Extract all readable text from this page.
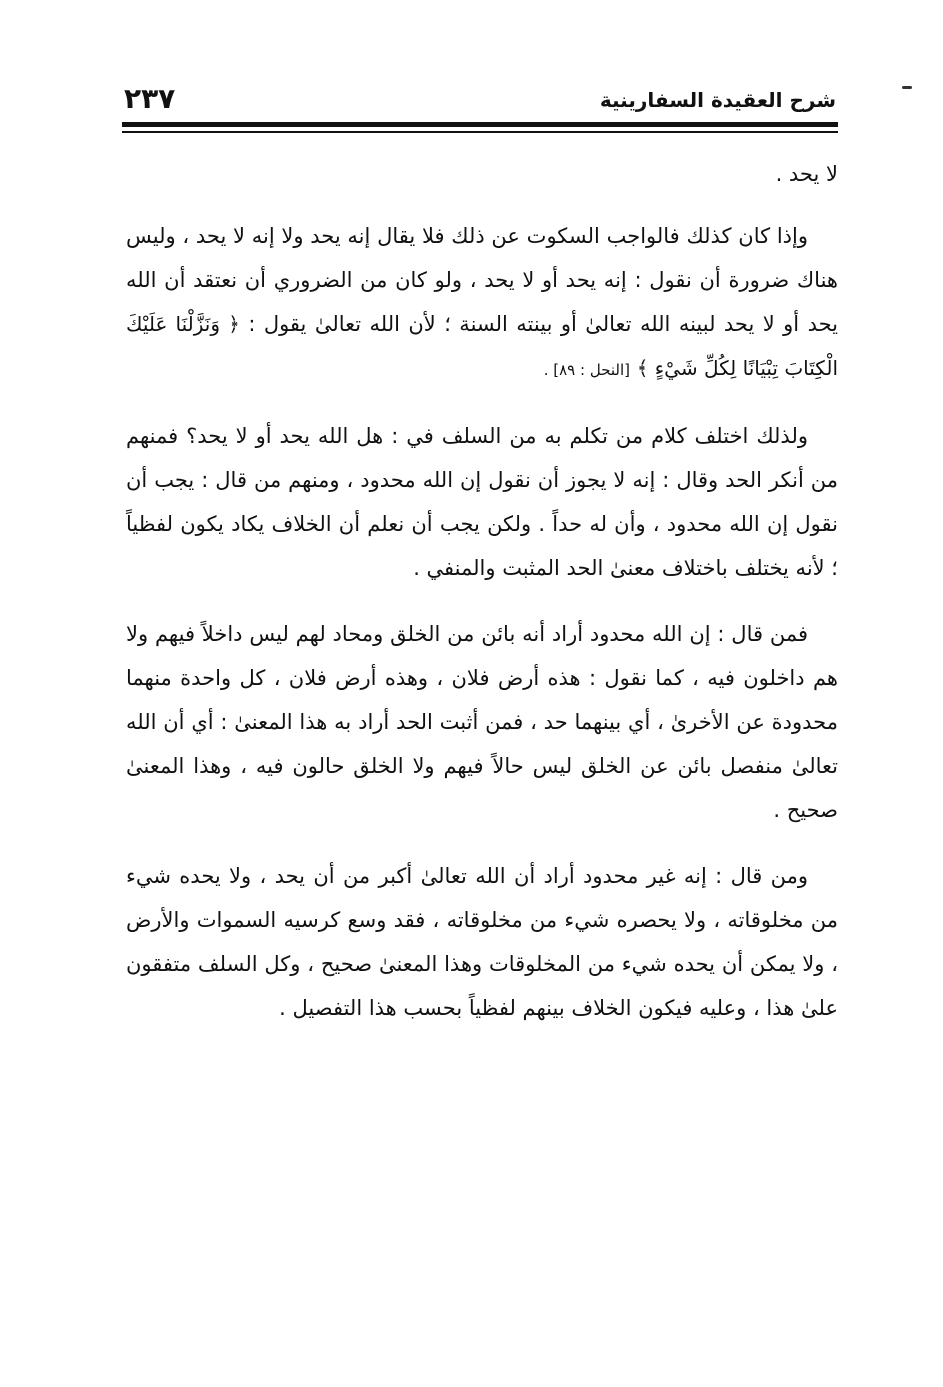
شرح العقيدة السفارينية
٢٣٧

لا يحد .

وإذا كان كذلك فالواجب السكوت عن ذلك فلا يقال إنه يحد ولا إنه لا يحد ، وليس هناك ضرورة أن نقول : إنه يحد أو لا يحد ، ولو كان من الضروري أن نعتقد أن الله يحد أو لا يحد لبينه الله تعالىٰ أو بينته السنة ؛ لأن الله تعالىٰ يقول : ﴿ وَنَزَّلْنَا عَلَيْكَ الْكِتَابَ تِبْيَانًا لِكُلِّ شَيْءٍ ﴾ [النحل : ٨٩] .

ولذلك اختلف كلام من تكلم به من السلف في : هل الله يحد أو لا يحد؟ فمنهم من أنكر الحد وقال : إنه لا يجوز أن نقول إن الله محدود ، ومنهم من قال : يجب أن نقول إن الله محدود ، وأن له حداً . ولكن يجب أن نعلم أن الخلاف يكاد يكون لفظياً ؛ لأنه يختلف باختلاف معنىٰ الحد المثبت والمنفي .

فمن قال : إن الله محدود أراد أنه بائن من الخلق ومحاد لهم ليس داخلاً فيهم ولا هم داخلون فيه ، كما نقول : هذه أرض فلان ، وهذه أرض فلان ، كل واحدة منهما محدودة عن الأخرىٰ ، أي بينهما حد ، فمن أثبت الحد أراد به هذا المعنىٰ : أي أن الله تعالىٰ منفصل بائن عن الخلق ليس حالاً فيهم ولا الخلق حالون فيه ، وهذا المعنىٰ صحيح .

ومن قال : إنه غير محدود أراد أن الله تعالىٰ أكبر من أن يحد ، ولا يحده شيء من مخلوقاته ، ولا يحصره شيء من مخلوقاته ، فقد وسع كرسيه السموات والأرض ، ولا يمكن أن يحده شيء من المخلوقات وهذا المعنىٰ صحيح ، وكل السلف متفقون علىٰ هذا ، وعليه فيكون الخلاف بينهم لفظياً بحسب هذا التفصيل .
